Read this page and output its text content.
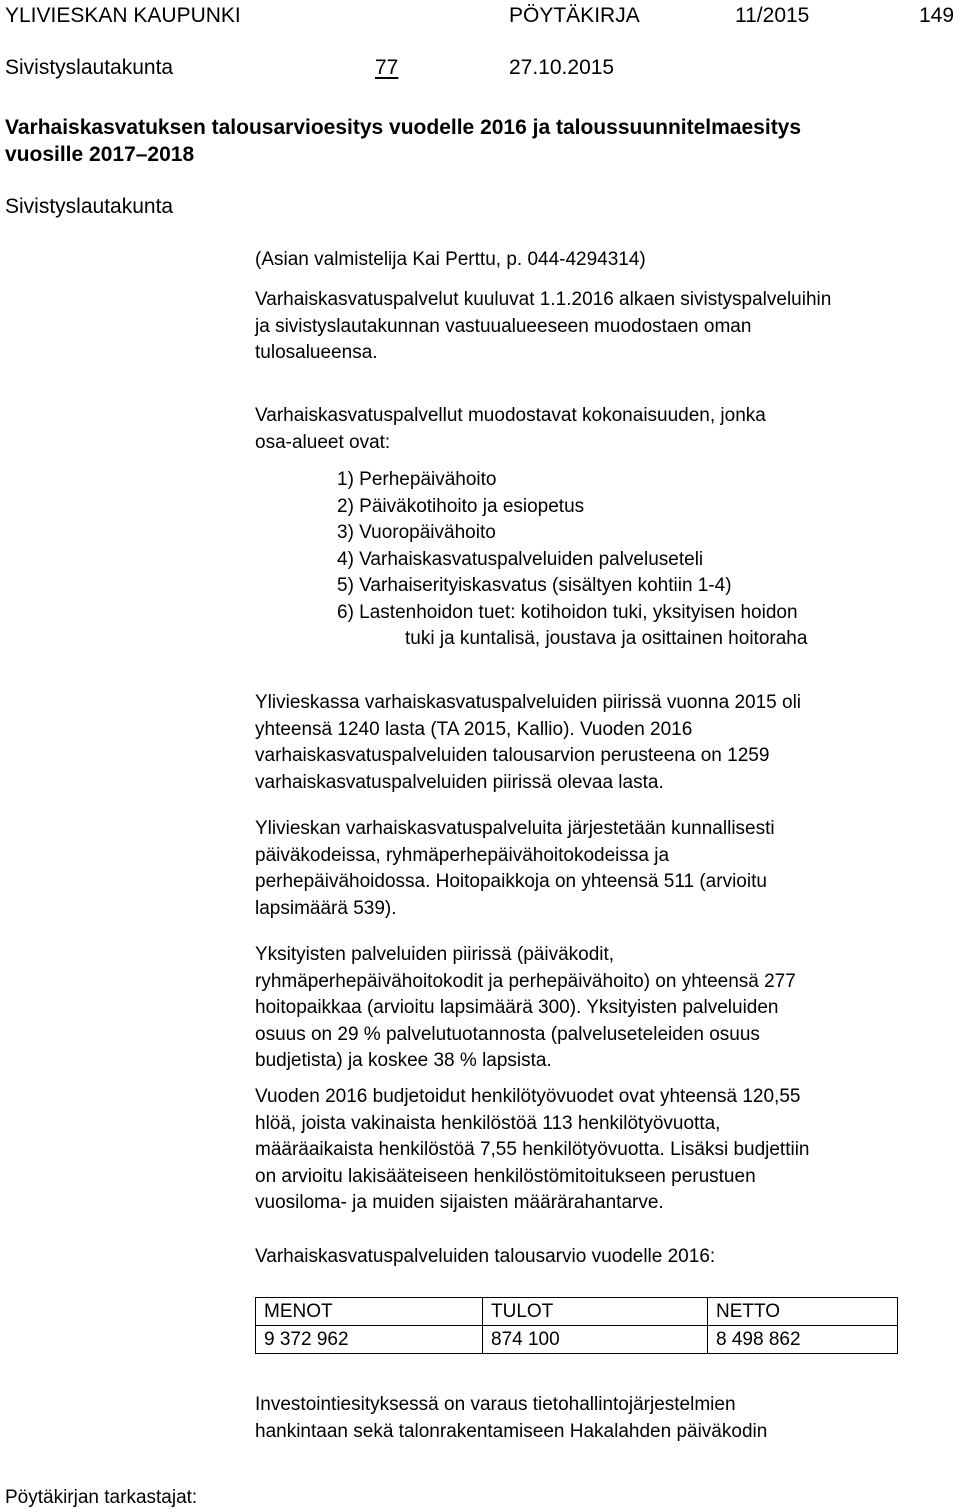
YLIVIESKAN KAUPUNKI	PÖYTÄKIRJA	11/2015	149
Sivistyslautakunta	77	27.10.2015
Varhaiskasvatuksen talousarvioesitys vuodelle 2016 ja taloussuunnitelmaesitys
vuosille 2017–2018
Sivistyslautakunta
(Asian valmistelija Kai Perttu, p. 044-4294314)
Varhaiskasvatuspalvelut kuuluvat 1.1.2016 alkaen sivistyspalveluihin
ja sivistyslautakunnan vastuualueeseen muodostaen oman
tulosalueensa.
Varhaiskasvatuspalvellut muodostavat kokonaisuuden, jonka
osa-alueet ovat:
1) Perhepäivähoito
2) Päiväkotihoito ja esiopetus
3) Vuoropäivähoito
4) Varhaiskasvatuspalveluiden palveluseteli
5) Varhaiserityiskasvatus (sisältyen kohtiin 1-4)
6) Lastenhoidon tuet: kotihoidon tuki, yksityisen hoidon
tuki ja kuntalisä, joustava ja osittainen hoitoraha
Ylivieskassa varhaiskasvatuspalveluiden piirissä vuonna 2015 oli
yhteensä 1240 lasta (TA 2015, Kallio). Vuoden 2016
varhaiskasvatuspalveluiden talousarvion perusteena on 1259
varhaiskasvatuspalveluiden piirissä olevaa lasta.
Ylivieskan varhaiskasvatuspalveluita järjestetään kunnallisesti
päiväkodeissa, ryhmäperhepäivähoitokodeissa ja
perhepäivähoidossa. Hoitopaikkoja on yhteensä 511 (arvioitu
lapsimäärä 539).
Yksityisten palveluiden piirissä (päiväkodit,
ryhmäperhepäivähoitokodit ja perhepäivähoito) on yhteensä 277
hoitopaikkaa (arvioitu lapsimäärä 300). Yksityisten palveluiden
osuus on 29 % palvelutuotannosta (palveluseteleiden osuus
budjetista) ja koskee 38 % lapsista.
Vuoden 2016 budjetoidut henkilötyövuodet ovat yhteensä 120,55
hlöä, joista vakinaista henkilöstöä 113 henkilötyövuotta,
määräaikaista henkilöstöä 7,55 henkilötyövuotta. Lisäksi budjettiin
on arvioitu lakisääteiseen henkilöstömitoitukseen perustuen
vuosiloma- ja muiden sijaisten määrärahantarve.
Varhaiskasvatuspalveluiden talousarvio vuodelle 2016:
MENOT	TULOT	NETTO
9 372 962	874 100	8 498 862
Investointiesityksessä on varaus tietohallintojärjestelmien
hankintaan sekä talonrakentamiseen Hakalahden päiväkodin
Pöytäkirjan tarkastajat:
